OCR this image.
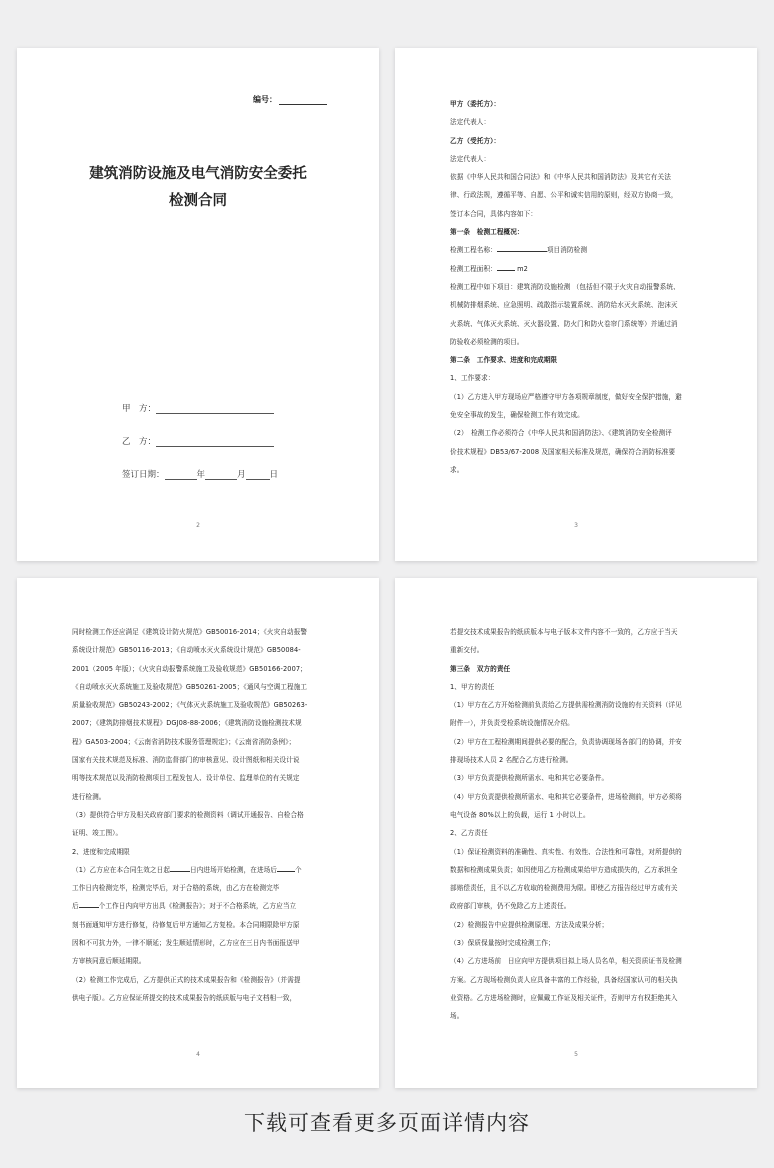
编号：
建筑消防设施及电气消防安全委托
检测合同
甲　方：
乙　方：
签订日期：	年	月	日
2

甲方（委托方）：

法定代表人：

乙方（受托方）：

法定代表人：

依据《中华人民共和国合同法》和《中华人民共和国消防法》及其它有关法

律、行政法规，遵循平等、自愿、公平和诚实信用的原则，经双方协商一致，

签订本合同，具体内容如下：

第一条　检测工程概况：

检测工程名称：	项目消防检测

检测工程面积：	m2

检测工程中如下项目：建筑消防设施检测 （包括但不限于火灾自动报警系统、

机械防排烟系统、应急照明、疏散指示装置系统、消防给水灭火系统、泡沫灭

火系统、气体灭火系统、灭火器设置、防火门和防火卷帘门系统等）并通过消

防验收必须检测的项目。

第二条　工作要求、进度和完成期限

1、工作要求：

（1）乙方进入甲方现场应严格遵守甲方各项规章制度，做好安全保护措施，避

免安全事故的发生，确保检测工作有效完成。

（2）　检测工作必须符合《中华人民共和国消防法》、《建筑消防安全检测评

价技术规程》DB53/67-2008 及国家相关标准及规范，确保符合消防标准要

求。

3

同时检测工作还应满足《建筑设计防火规范》GB50016-2014；《火灾自动报警

系统设计规范》GB50116-2013；《自动喷水灭火系统设计规范》GB50084-

2001（2005 年版）；《火灾自动报警系统施工及验收规范》GB50166-2007；

《自动喷水灭火系统施工及验收规范》GB50261-2005；《通风与空调工程施工

质量验收规范》GB50243-2002；《气体灭火系统施工及验收规范》GB50263-

2007；《建筑防排烟技术规程》DGJ08-88-2006；《建筑消防设施检测技术规

程》GA503-2004；《云南省消防技术服务管理规定》；《云南省消防条例》；

国家有关技术规范及标准、消防监督部门的审核意见、设计图纸和相关设计说

明等技术规范以及消防检测项目工程发包人、设计单位、监理单位的有关规定

进行检测。

（3）提供符合甲方及相关政府部门要求的检测资料（调试开通报告、自检合格

证明、竣工图）。

2、进度和完成期限

（1）乙方应在本合同生效之日起	日内进场开始检测，在进场后	个

工作日内检测完毕，检测完毕后，对于合格的系统，由乙方在检测完毕

后	个工作日内向甲方出具《检测报告》；对于不合格系统，乙方应当立

刻书面通知甲方进行修复，待修复后甲方通知乙方复检。本合同期限除甲方原

因和不可抗力外，一律不顺延；发生顺延情形时，乙方应在三日内书面报送甲

方审核同意后顺延期限。

（2）检测工作完成后，乙方提供正式的技术成果报告和《检测报告》（并需提

供电子版）。乙方应保证所提交的技术成果报告的纸质版与电子文档相一致，

4

若提交技术成果报告的纸质版本与电子版本文件内容不一致的，乙方应于当天

重新交付。

第三条　双方的责任

1、甲方的责任

（1）甲方在乙方开始检测前负责给乙方提供需检测消防设施的有关资料（详见

附件一），并负责受检系统设施情况介绍。

（2）甲方在工程检测期间提供必要的配合，负责协调现场各部门的协调，并安

排现场技术人员 2 名配合乙方进行检测。

（3）甲方负责提供检测所需水、电和其它必要条件。

（4）甲方负责提供检测所需水、电和其它必要条件，进场检测前，甲方必须将

电气设备 80%以上的负载，运行 1 小时以上。

2、乙方责任

（1）保证检测资料的准确性、真实性、有效性、合法性和可靠性，对所提供的

数据和检测成果负责；如因使用乙方检测成果给甲方造成损失的，乙方承担全

部赔偿责任，且不以乙方收取的检测费用为限。即使乙方报告经过甲方或有关

政府部门审核，仍不免除乙方上述责任。

（2）检测报告中应提供检测原理、方法及成果分析；

（3）保质保量按时完成检测工作；

（4）乙方进场前　日应向甲方提供项目拟上场人员名单，相关资质证书及检测

方案。乙方现场检测负责人应具备丰富的工作经验，具备经国家认可的相关执

业资格。乙方进场检测时，应佩戴工作证及相关证件，否则甲方有权拒绝其入

场。

5
下载可查看更多页面详情内容
